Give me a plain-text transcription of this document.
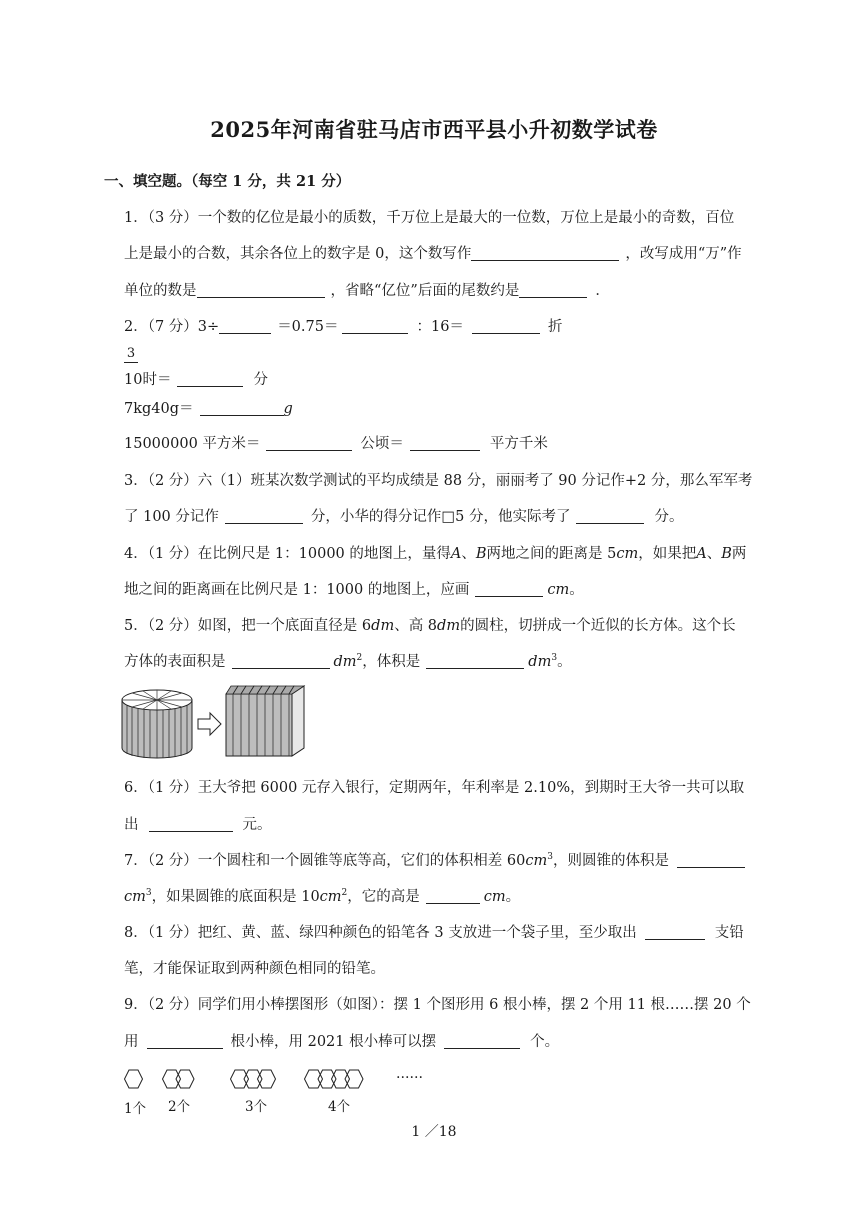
2025年河南省驻马店市西平县小升初数学试卷
一、填空题。（每空 1 分，共 21 分）
1．（3 分）一个数的亿位是最小的质数，千万位上是最大的一位数，万位上是最小的奇数，百位
上是最小的合数，其余各位上的数字是 0，这个数写作	，改写成用“万”作
单位的数是	，省略“亿位”后面的尾数约是	．
2．（7 分）3÷	＝0.75＝	：16＝	折
3
10时＝	分
7kg40g＝	g
15000000 平方米＝	公顷＝	平方千米
3．（2 分）六（1）班某次数学测试的平均成绩是 88 分，丽丽考了 90 分记作+2 分，那么军军考
了 100 分记作	分，小华的得分记作□5 分，他实际考了	分。
4．（1 分）在比例尺是 1：10000 的地图上，量得A、B两地之间的距离是 5cm，如果把A、B两
地之间的距离画在比例尺是 1：1000 的地图上，应画	cm。
5．（2 分）如图，把一个底面直径是 6dm、高 8dm的圆柱，切拼成一个近似的长方体。这个长
方体的表面积是	$dm^2$，体积是	$dm^3$。
6．（1 分）王大爷把 6000 元存入银行，定期两年，年利率是 2.10%，到期时王大爷一共可以取
出	元。
7．（2 分）一个圆柱和一个圆锥等底等高，它们的体积相差 $60cm^3$，则圆锥的体积是
$cm^3$，如果圆锥的底面积是 $10cm^2$，它的高是	cm。
8．（1 分）把红、黄、蓝、绿四种颜色的铅笔各 3 支放进一个袋子里，至少取出	支铅
笔，才能保证取到两种颜色相同的铅笔。
9．（2 分）同学们用小棒摆图形（如图）：摆 1 个图形用 6 根小棒，摆 2 个用 11 根……摆 20 个
用	根小棒，用 2021 根小棒可以摆	个。
……
1个 2个	3个	4个
1 ／18
